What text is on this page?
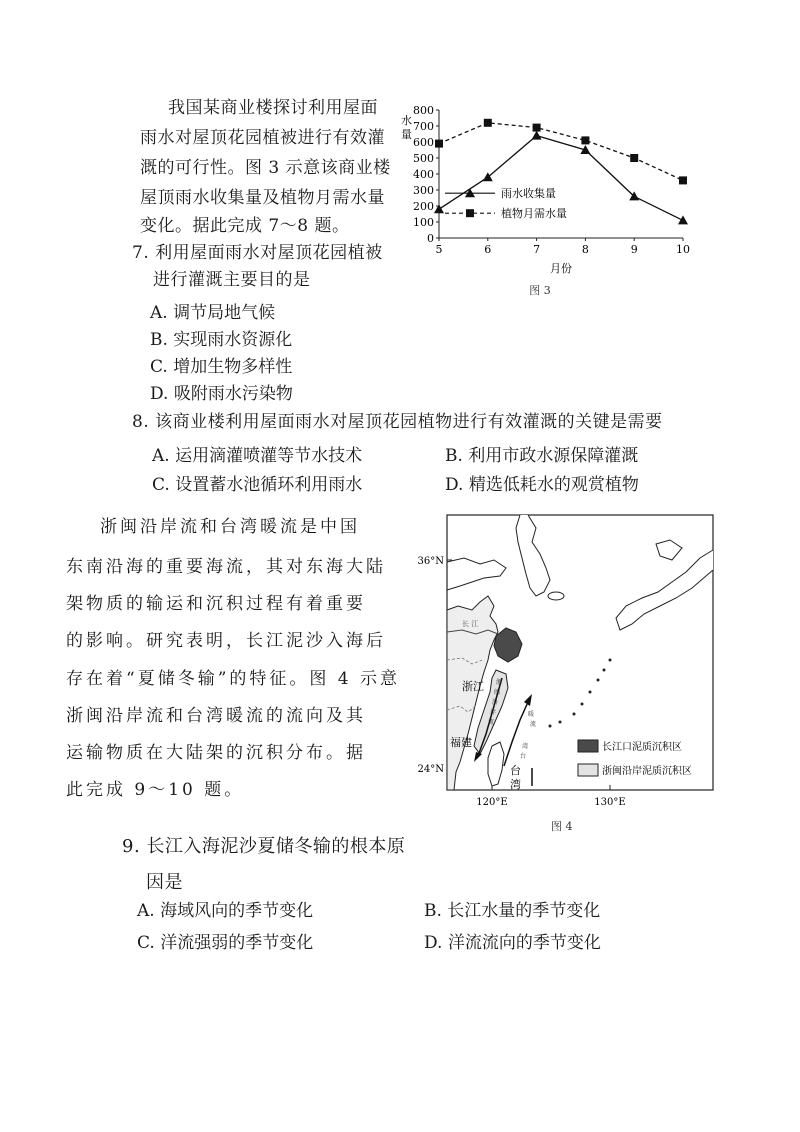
我国某商业楼探讨利用屋面
雨水对屋顶花园植被进行有效灌
溉的可行性。图 3 示意该商业楼
屋顶雨水收集量及植物月需水量
变化。据此完成 7～8 题。
7. 利用屋面雨水对屋顶花园植被
进行灌溉主要目的是
A. 调节局地气候
B. 实现雨水资源化
C. 增加生物多样性
D. 吸附雨水污染物
0
100
200
300
400
500
600
700
800
5	6	7	8	9	10
月份
水
量
雨水收集量
植物月需水量
图 3
8. 该商业楼利用屋面雨水对屋顶花园植物进行有效灌溉的关键是需要
A. 运用滴灌喷灌等节水技术	B. 利用市政水源保障灌溉
C. 设置蓄水池循环利用雨水	D. 精选低耗水的观赏植物
浙闽沿岸流和台湾暖流是中国
东南沿海的重要海流，其对东海大陆
架物质的输运和沉积过程有着重要
的影响。研究表明，长江泥沙入海后
存在着“夏储冬输”的特征。图 4 示意
浙闽沿岸流和台湾暖流的流向及其
运输物质在大陆架的沉积分布。据
此完成 9～10 题。
36°N
24°N
120°E	130°E
浙江
福建
台
湾
长 江
浙
闽
沿
岸
流
台
湾
暖
流
长江口泥质沉积区
浙闽沿岸泥质沉积区
图 4
9. 长江入海泥沙夏储冬输的根本原
因是
A. 海域风向的季节变化	B. 长江水量的季节变化
C. 洋流强弱的季节变化	D. 洋流流向的季节变化
